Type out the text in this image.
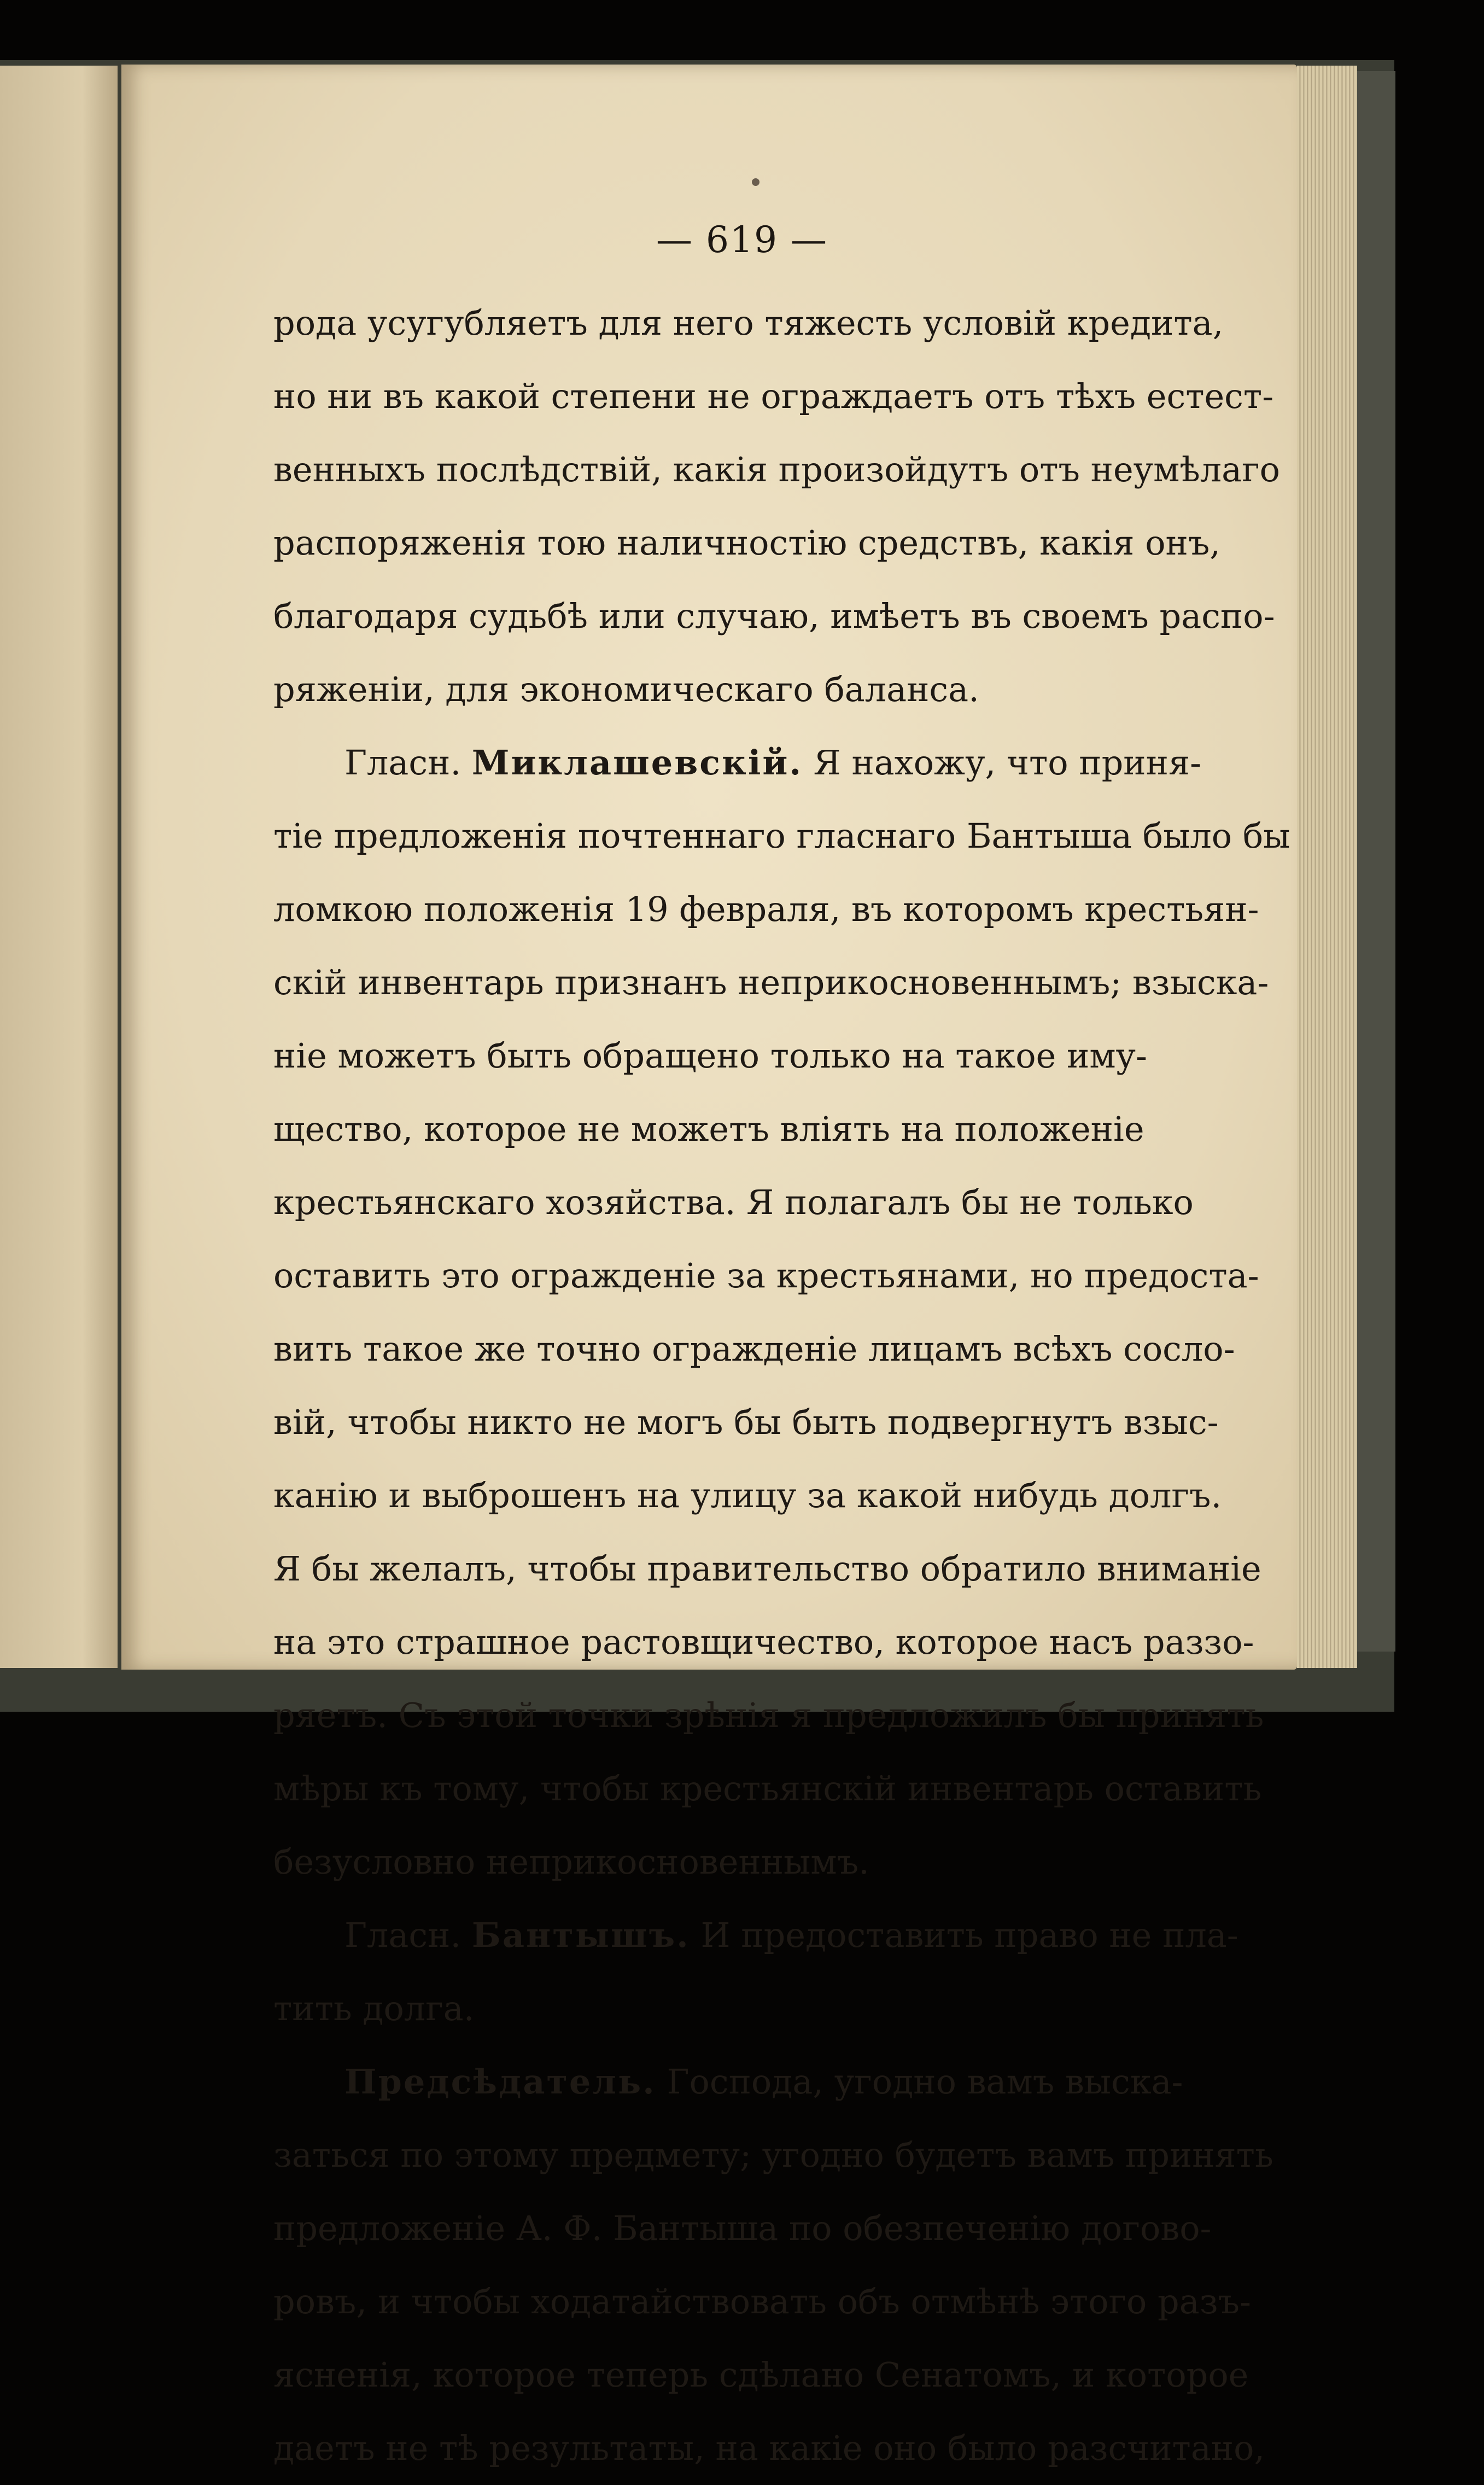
— 619 —
рода усугубляетъ для него тяжесть условій кредита,
но ни въ какой степени не ограждаетъ отъ тѣхъ естест-
венныхъ послѣдствій, какія произойдутъ отъ неумѣлаго
распоряженія тою наличностію средствъ, какія онъ,
благодаря судьбѣ или случаю, имѣетъ въ своемъ распо-
ряженіи, для экономическаго баланса.
Гласн. Миклашевскій. Я нахожу, что приня-
тіе предложенія почтеннаго гласнаго Бантыша было бы
ломкою положенія 19 февраля, въ которомъ крестьян-
скій инвентарь признанъ неприкосновеннымъ; взыска-
ніе можетъ быть обращено только на такое иму-
щество, которое не можетъ вліять на положеніе
крестьянскаго хозяйства. Я полагалъ бы не только
оставить это огражденіе за крестьянами, но предоста-
вить такое же точно огражденіе лицамъ всѣхъ сосло-
вій, чтобы никто не могъ бы быть подвергнутъ взыс-
канію и выброшенъ на улицу за какой нибудь долгъ.
Я бы желалъ, чтобы правительство обратило вниманіе
на это страшное растовщичество, которое насъ раззо-
ряетъ. Съ этой точки зрѣнія я предложилъ бы принять
мѣры къ тому, чтобы крестьянскій инвентарь оставить
безусловно неприкосновеннымъ.
Гласн. Бантышъ. И предоставить право не пла-
тить долга.
Предсѣдатель. Господа, угодно вамъ выска-
заться по этому предмету; угодно будетъ вамъ принять
предложеніе А. Ф. Бантыша по обезпеченію догово-
ровъ, и чтобы ходатайствовать объ отмѣнѣ этого разъ-
ясненія, которое теперь сдѣлано Сенатомъ, и которое
даетъ не тѣ результаты, на какіе оно было разсчитано,
